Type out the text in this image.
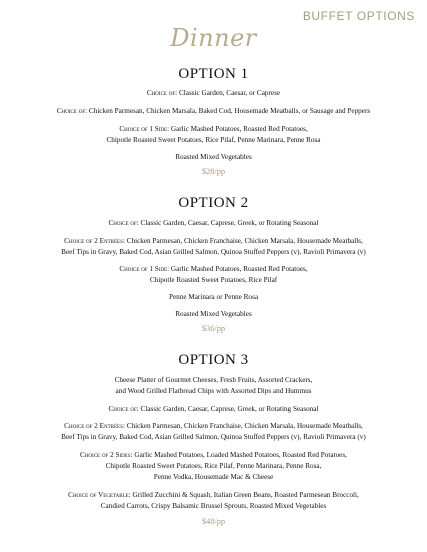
BUFFET OPTIONS
Dinner
OPTION 1
Choice of: Classic Garden, Caesar, or Caprese
Choice of: Chicken Parmesan, Chicken Marsala, Baked Cod, Housemade Meatballs, or Sausage and Peppers
Choice of 1 Side: Garlic Mashed Potatoes, Roasted Red Potatoes,
Chipotle Roasted Sweet Potatoes, Rice Pilaf, Penne Marinara, Penne Rosa
Roasted Mixed Vegetables
$28/pp
OPTION 2
Choice of: Classic Garden, Caesar, Caprese, Greek, or Rotating Seasonal
Choice of 2 Entrées: Chicken Parmesan, Chicken Franchaise, Chicken Marsala, Housemade Meatballs,
Beef Tips in Gravy, Baked Cod, Asian Grilled Salmon, Quinoa Stuffed Peppers (v), Ravioli Primavera (v)
Choice of 1 Side: Garlic Mashed Potatoes, Roasted Red Potatoes,
Chipotle Roasted Sweet Potatoes, Rice Pilaf
Penne Marinara or Penne Rosa
Roasted Mixed Vegetables
$36/pp
OPTION 3
Cheese Platter of Gourmet Cheeses, Fresh Fruits, Assorted Crackers,
and Wood Grilled Flatbread Chips with Assorted Dips and Hummus
Choice of: Classic Garden, Caesar, Caprese, Greek, or Rotating Seasonal
Choice of 2 Entrées: Chicken Parmesan, Chicken Franchaise, Chicken Marsala, Housemade Meatballs,
Beef Tips in Gravy, Baked Cod, Asian Grilled Salmon, Quinoa Stuffed Peppers (v), Ravioli Primavera (v)
Choice of 2 Sides: Garlic Mashed Potatoes, Loaded Mashed Potatoes, Roasted Red Potatoes,
Chipotle Roasted Sweet Potatoes, Rice Pilaf, Penne Marinara, Penne Rosa,
Penne Vodka, Housemade Mac & Cheese
Choice of Vegetable: Grilled Zucchini & Squash, Italian Green Beans, Roasted Parmesean Broccoli,
Candied Carrots, Crispy Balsamic Brussel Sprouts, Roasted Mixed Vegetables
$48/pp
